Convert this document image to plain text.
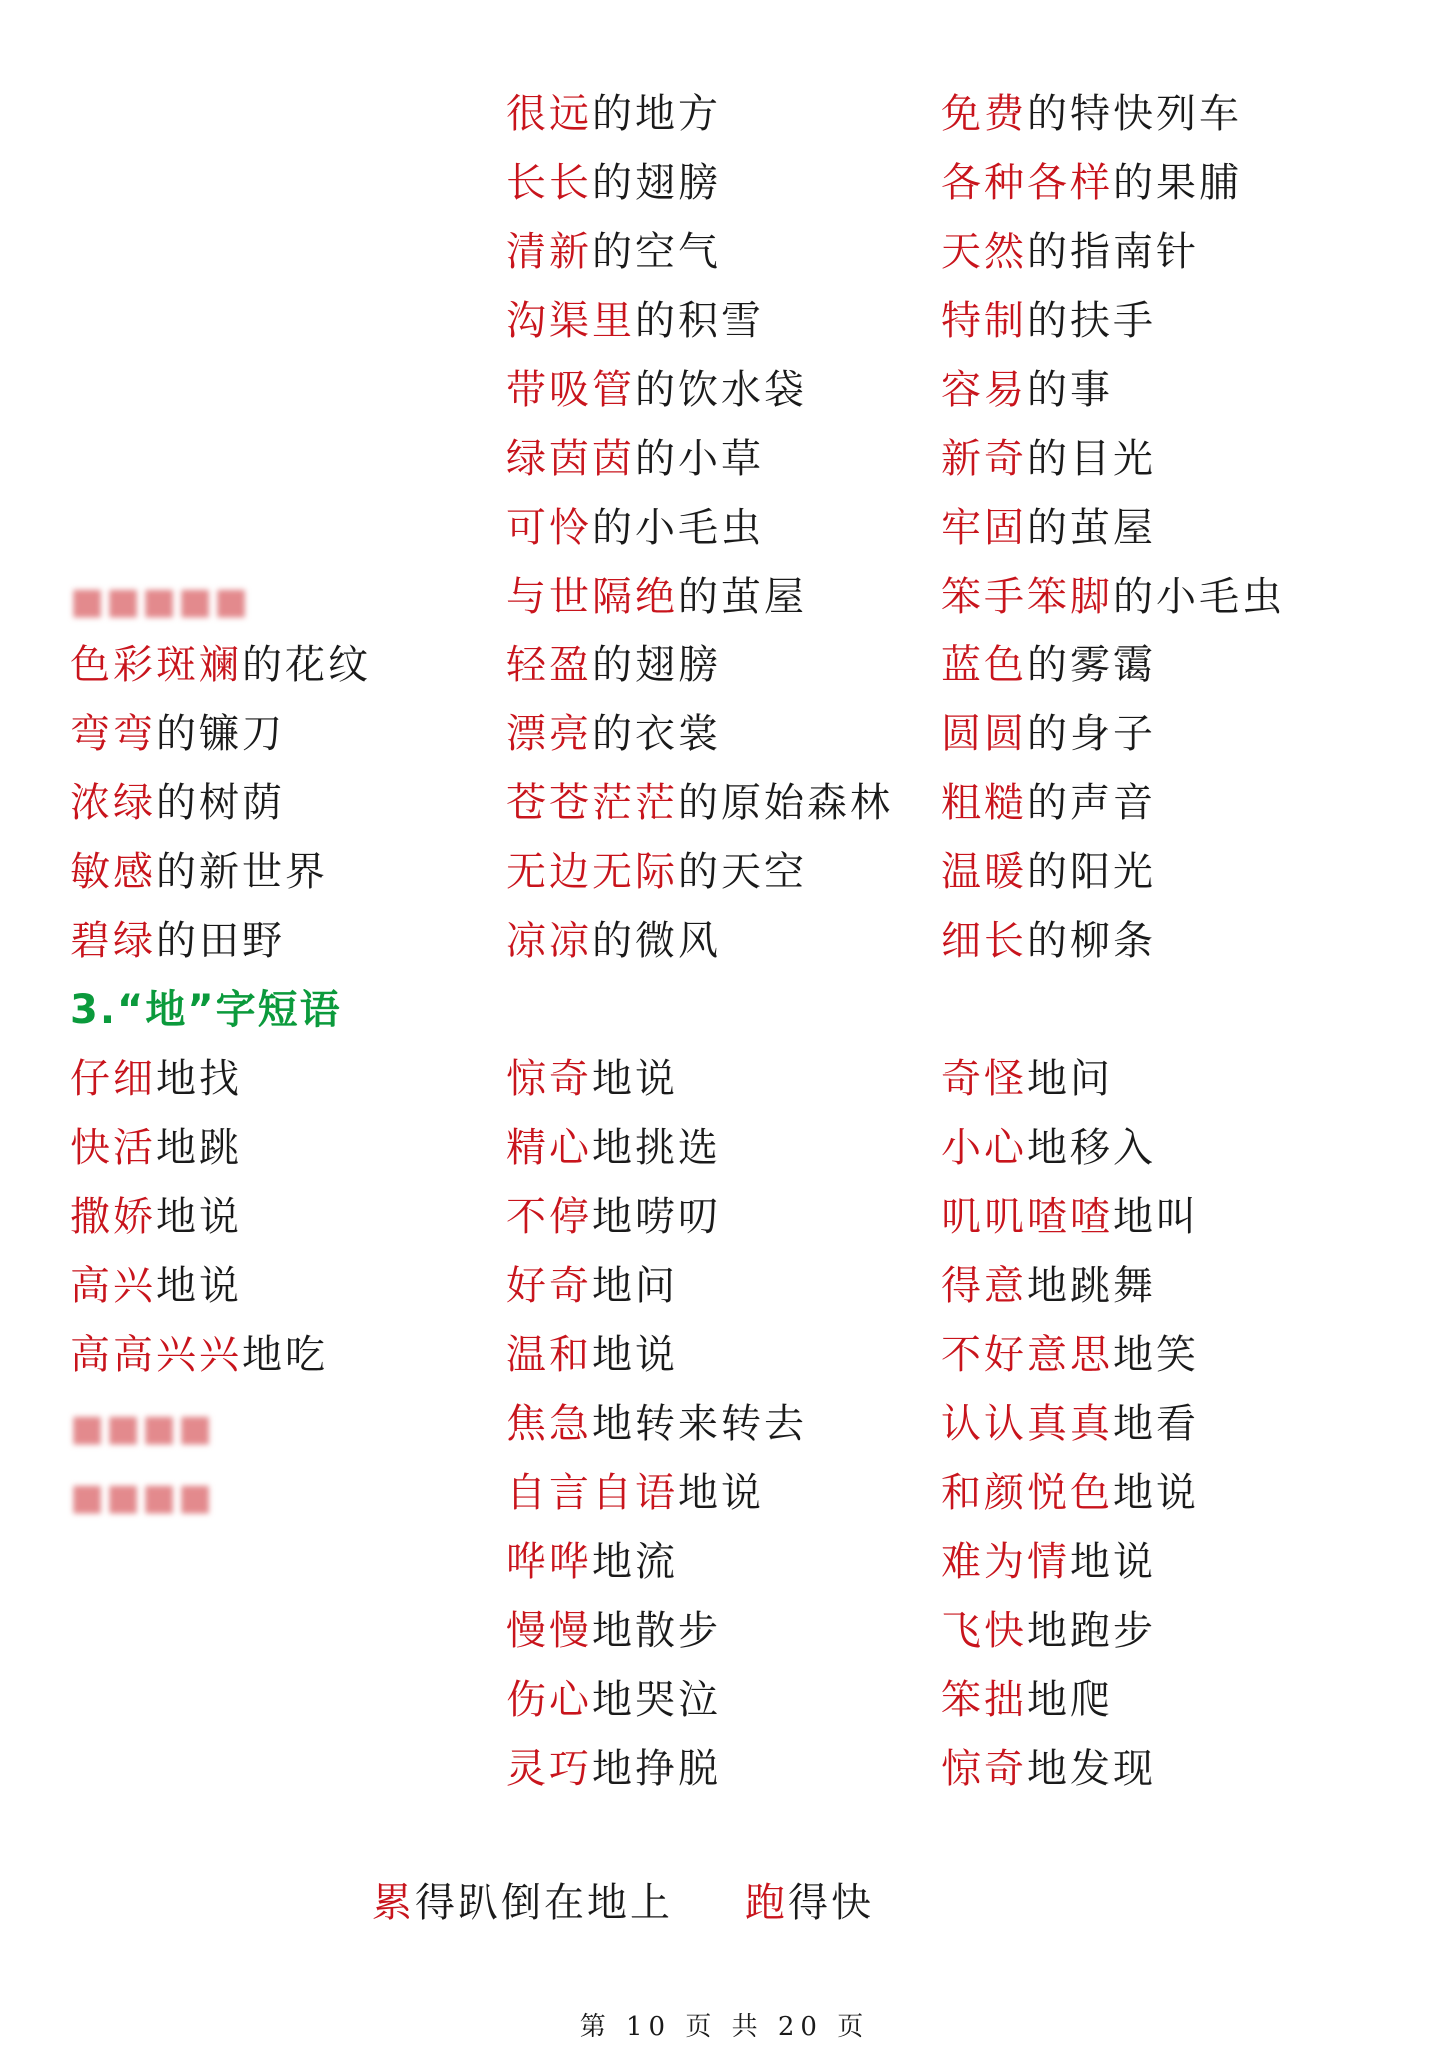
■■■■■
■■■■
■■■■
色彩斑斓的花纹
弯弯的镰刀
浓绿的树荫
敏感的新世界
碧绿的田野
很远的地方
长长的翅膀
清新的空气
沟渠里的积雪
带吸管的饮水袋
绿茵茵的小草
可怜的小毛虫
与世隔绝的茧屋
轻盈的翅膀
漂亮的衣裳
苍苍茫茫的原始森林
无边无际的天空
凉凉的微风
免费的特快列车
各种各样的果脯
天然的指南针
特制的扶手
容易的事
新奇的目光
牢固的茧屋
笨手笨脚的小毛虫
蓝色的雾霭
圆圆的身子
粗糙的声音
温暖的阳光
细长的柳条
3.“地”字短语
仔细地找
快活地跳
撒娇地说
高兴地说
高高兴兴地吃
惊奇地说
精心地挑选
不停地唠叨
好奇地问
温和地说
焦急地转来转去
自言自语地说
哗哗地流
慢慢地散步
伤心地哭泣
灵巧地挣脱
奇怪地问
小心地移入
叽叽喳喳地叫
得意地跳舞
不好意思地笑
认认真真地看
和颜悦色地说
难为情地说
飞快地跑步
笨拙地爬
惊奇地发现
累得趴倒在地上 跑得快
第 10 页 共 20 页
